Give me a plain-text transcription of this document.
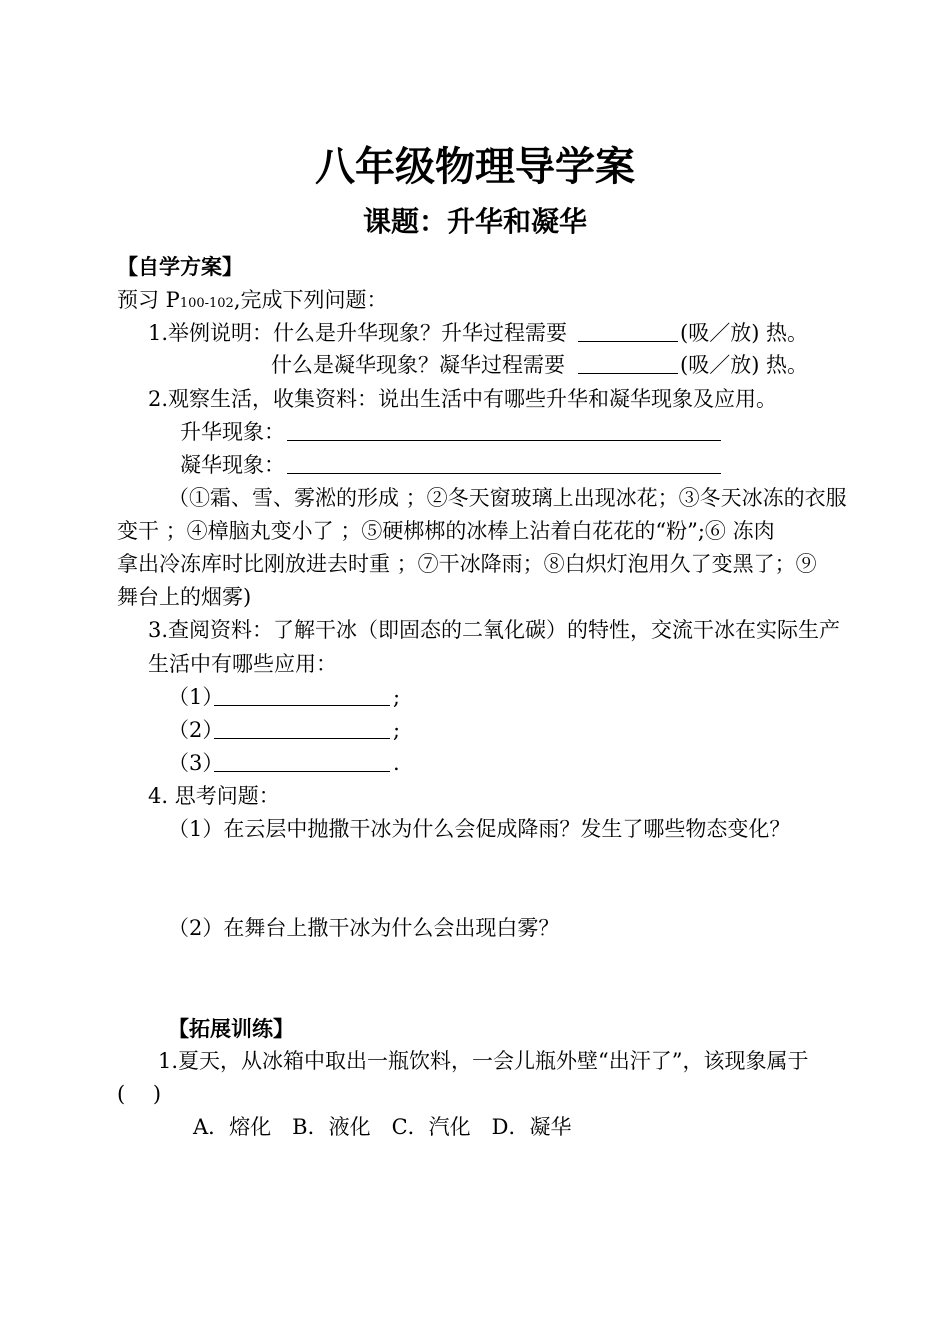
八年级物理导学案
课题：升华和凝华
【自学方案】
预习 P100-102,完成下列问题：
1.举例说明：什么是升华现象？升华过程需要	(吸／放) 热。
什么是凝华现象？凝华过程需要	(吸／放) 热。
2.观察生活，收集资料：说出生活中有哪些升华和凝华现象及应用。
升华现象：
凝华现象：
（①霜、雪、雾淞的形成 ；②冬天窗玻璃上出现冰花；③冬天冰冻的衣服
变干 ；④樟脑丸变小了 ；⑤硬梆梆的冰棒上沾着白花花的“粉”;⑥ 冻肉
拿出冷冻库时比刚放进去时重 ；⑦干冰降雨；⑧白炽灯泡用久了变黑了；⑨
舞台上的烟雾)
3.查阅资料：了解干冰（即固态的二氧化碳）的特性，交流干冰在实际生产
生活中有哪些应用：
（1）	;
（2）	;
（3）	.
4. 思考问题：
（1）在云层中抛撒干冰为什么会促成降雨？发生了哪些物态变化？
（2）在舞台上撒干冰为什么会出现白雾？
【拓展训练】
1.夏天，从冰箱中取出一瓶饮料，一会儿瓶外壁“出汗了”，该现象属于
(　 )
A．熔化　B．液化　C．汽化　D．凝华
